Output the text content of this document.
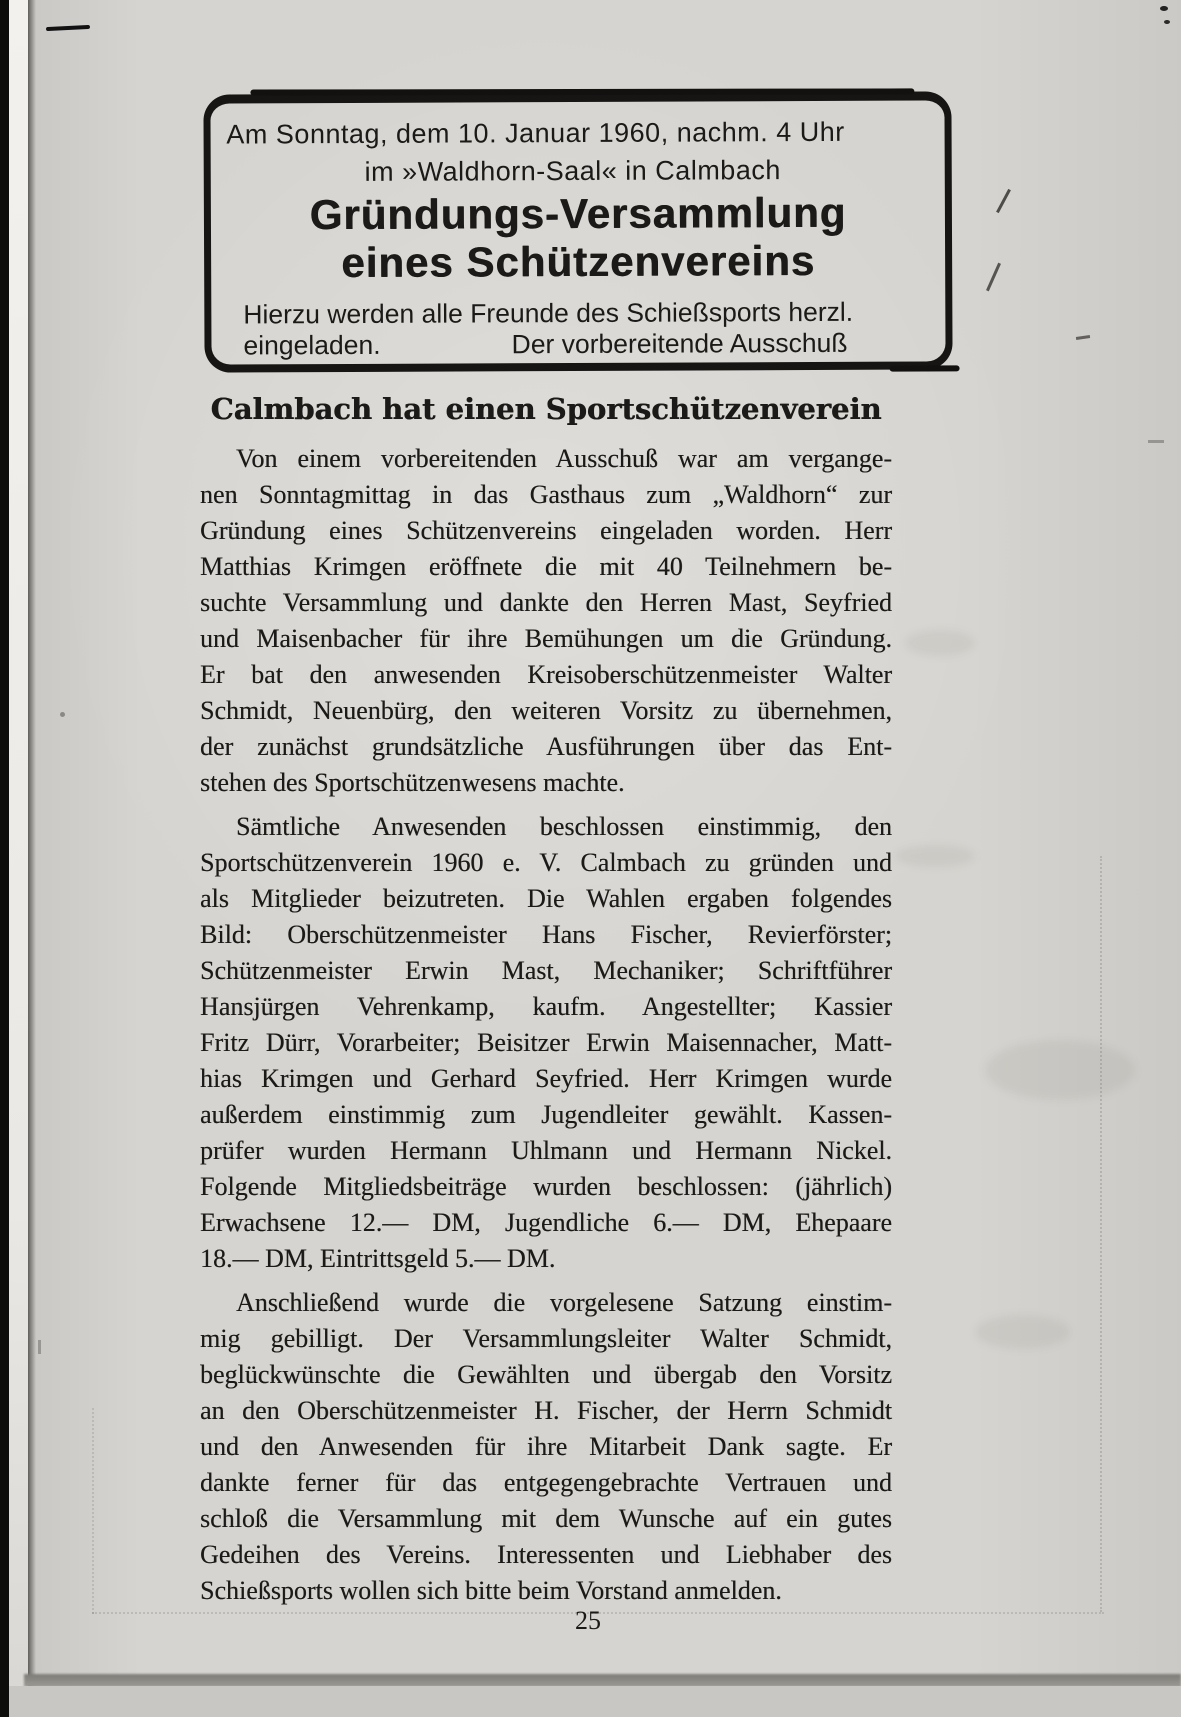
Am Sonntag, dem 10. Januar 1960, nachm. 4 Uhr
im »Waldhorn-Saal« in Calmbach
Gründungs-Versammlung
eines Schützenvereins
Hierzu werden alle Freunde des Schießsports herzl.
eingeladen.	Der vorbereitende Ausschuß
Calmbach hat einen Sportschützenverein
Von einem vorbereitenden Ausschuß war am vergange-
nen Sonntagmittag in das Gasthaus zum „Waldhorn“ zur
Gründung eines Schützenvereins eingeladen worden. Herr
Matthias Krimgen eröffnete die mit 40 Teilnehmern be-
suchte Versammlung und dankte den Herren Mast, Seyfried
und Maisenbacher für ihre Bemühungen um die Gründung.
Er bat den anwesenden Kreisoberschützenmeister Walter
Schmidt, Neuenbürg, den weiteren Vorsitz zu übernehmen,
der zunächst grundsätzliche Ausführungen über das Ent-
stehen des Sportschützenwesens machte.
Sämtliche Anwesenden beschlossen einstimmig, den
Sportschützenverein 1960 e. V. Calmbach zu gründen und
als Mitglieder beizutreten. Die Wahlen ergaben folgendes
Bild: Oberschützenmeister Hans Fischer, Revierförster;
Schützenmeister Erwin Mast, Mechaniker; Schriftführer
Hansjürgen Vehrenkamp, kaufm. Angestellter; Kassier
Fritz Dürr, Vorarbeiter; Beisitzer Erwin Maisennacher, Matt-
hias Krimgen und Gerhard Seyfried. Herr Krimgen wurde
außerdem einstimmig zum Jugendleiter gewählt. Kassen-
prüfer wurden Hermann Uhlmann und Hermann Nickel.
Folgende Mitgliedsbeiträge wurden beschlossen: (jährlich)
Erwachsene 12.— DM, Jugendliche 6.— DM, Ehepaare
18.— DM, Eintrittsgeld 5.— DM.
Anschließend wurde die vorgelesene Satzung einstim-
mig gebilligt. Der Versammlungsleiter Walter Schmidt,
beglückwünschte die Gewählten und übergab den Vorsitz
an den Oberschützenmeister H. Fischer, der Herrn Schmidt
und den Anwesenden für ihre Mitarbeit Dank sagte. Er
dankte ferner für das entgegengebrachte Vertrauen und
schloß die Versammlung mit dem Wunsche auf ein gutes
Gedeihen des Vereins. Interessenten und Liebhaber des
Schießsports wollen sich bitte beim Vorstand anmelden.
25
